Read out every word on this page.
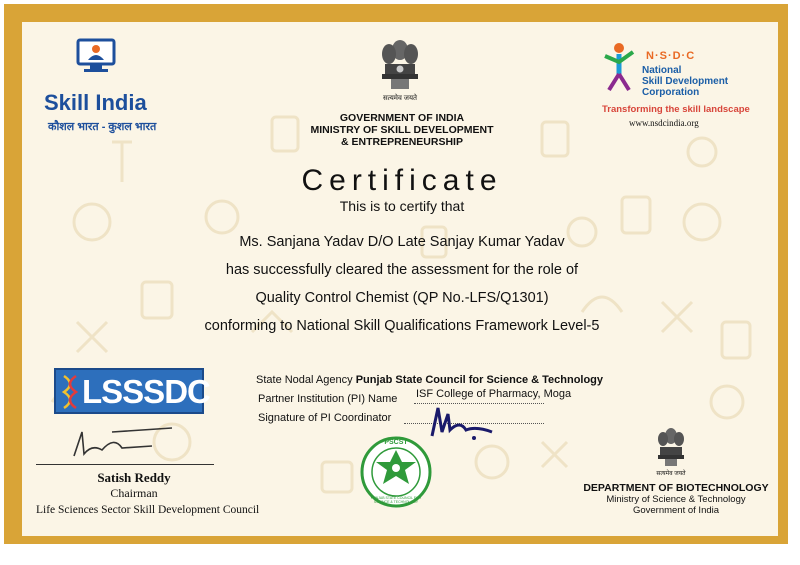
Skill India
कौशल भारत - कुशल भारत
सत्यमेव जयते
GOVERNMENT OF INDIA
MINISTRY OF SKILL DEVELOPMENT
& ENTREPRENEURSHIP
N·S·D·C
National
Skill Development
Corporation
Transforming the skill landscape
www.nsdcindia.org
Certificate
This is to certify that
Ms. Sanjana Yadav D/O Late Sanjay Kumar Yadav
has successfully cleared the assessment for the role of
Quality Control Chemist (QP No.-LFS/Q1301)
conforming to National Skill Qualifications Framework Level-5
LSSSDC	State Nodal Agency Punjab State Council for Science & Technology
Partner Institution (PI) Name ISF College of Pharmacy, Moga
Signature of PI Coordinator
Satish Reddy
Chairman
Life Sciences Sector Skill Development Council
PSCST
PUNJAB STATE COUNCIL FOR SCIENCE & TECHNOLOGY
सत्यमेव जयते
DEPARTMENT OF BIOTECHNOLOGY
Ministry of Science & Technology
Government of India
